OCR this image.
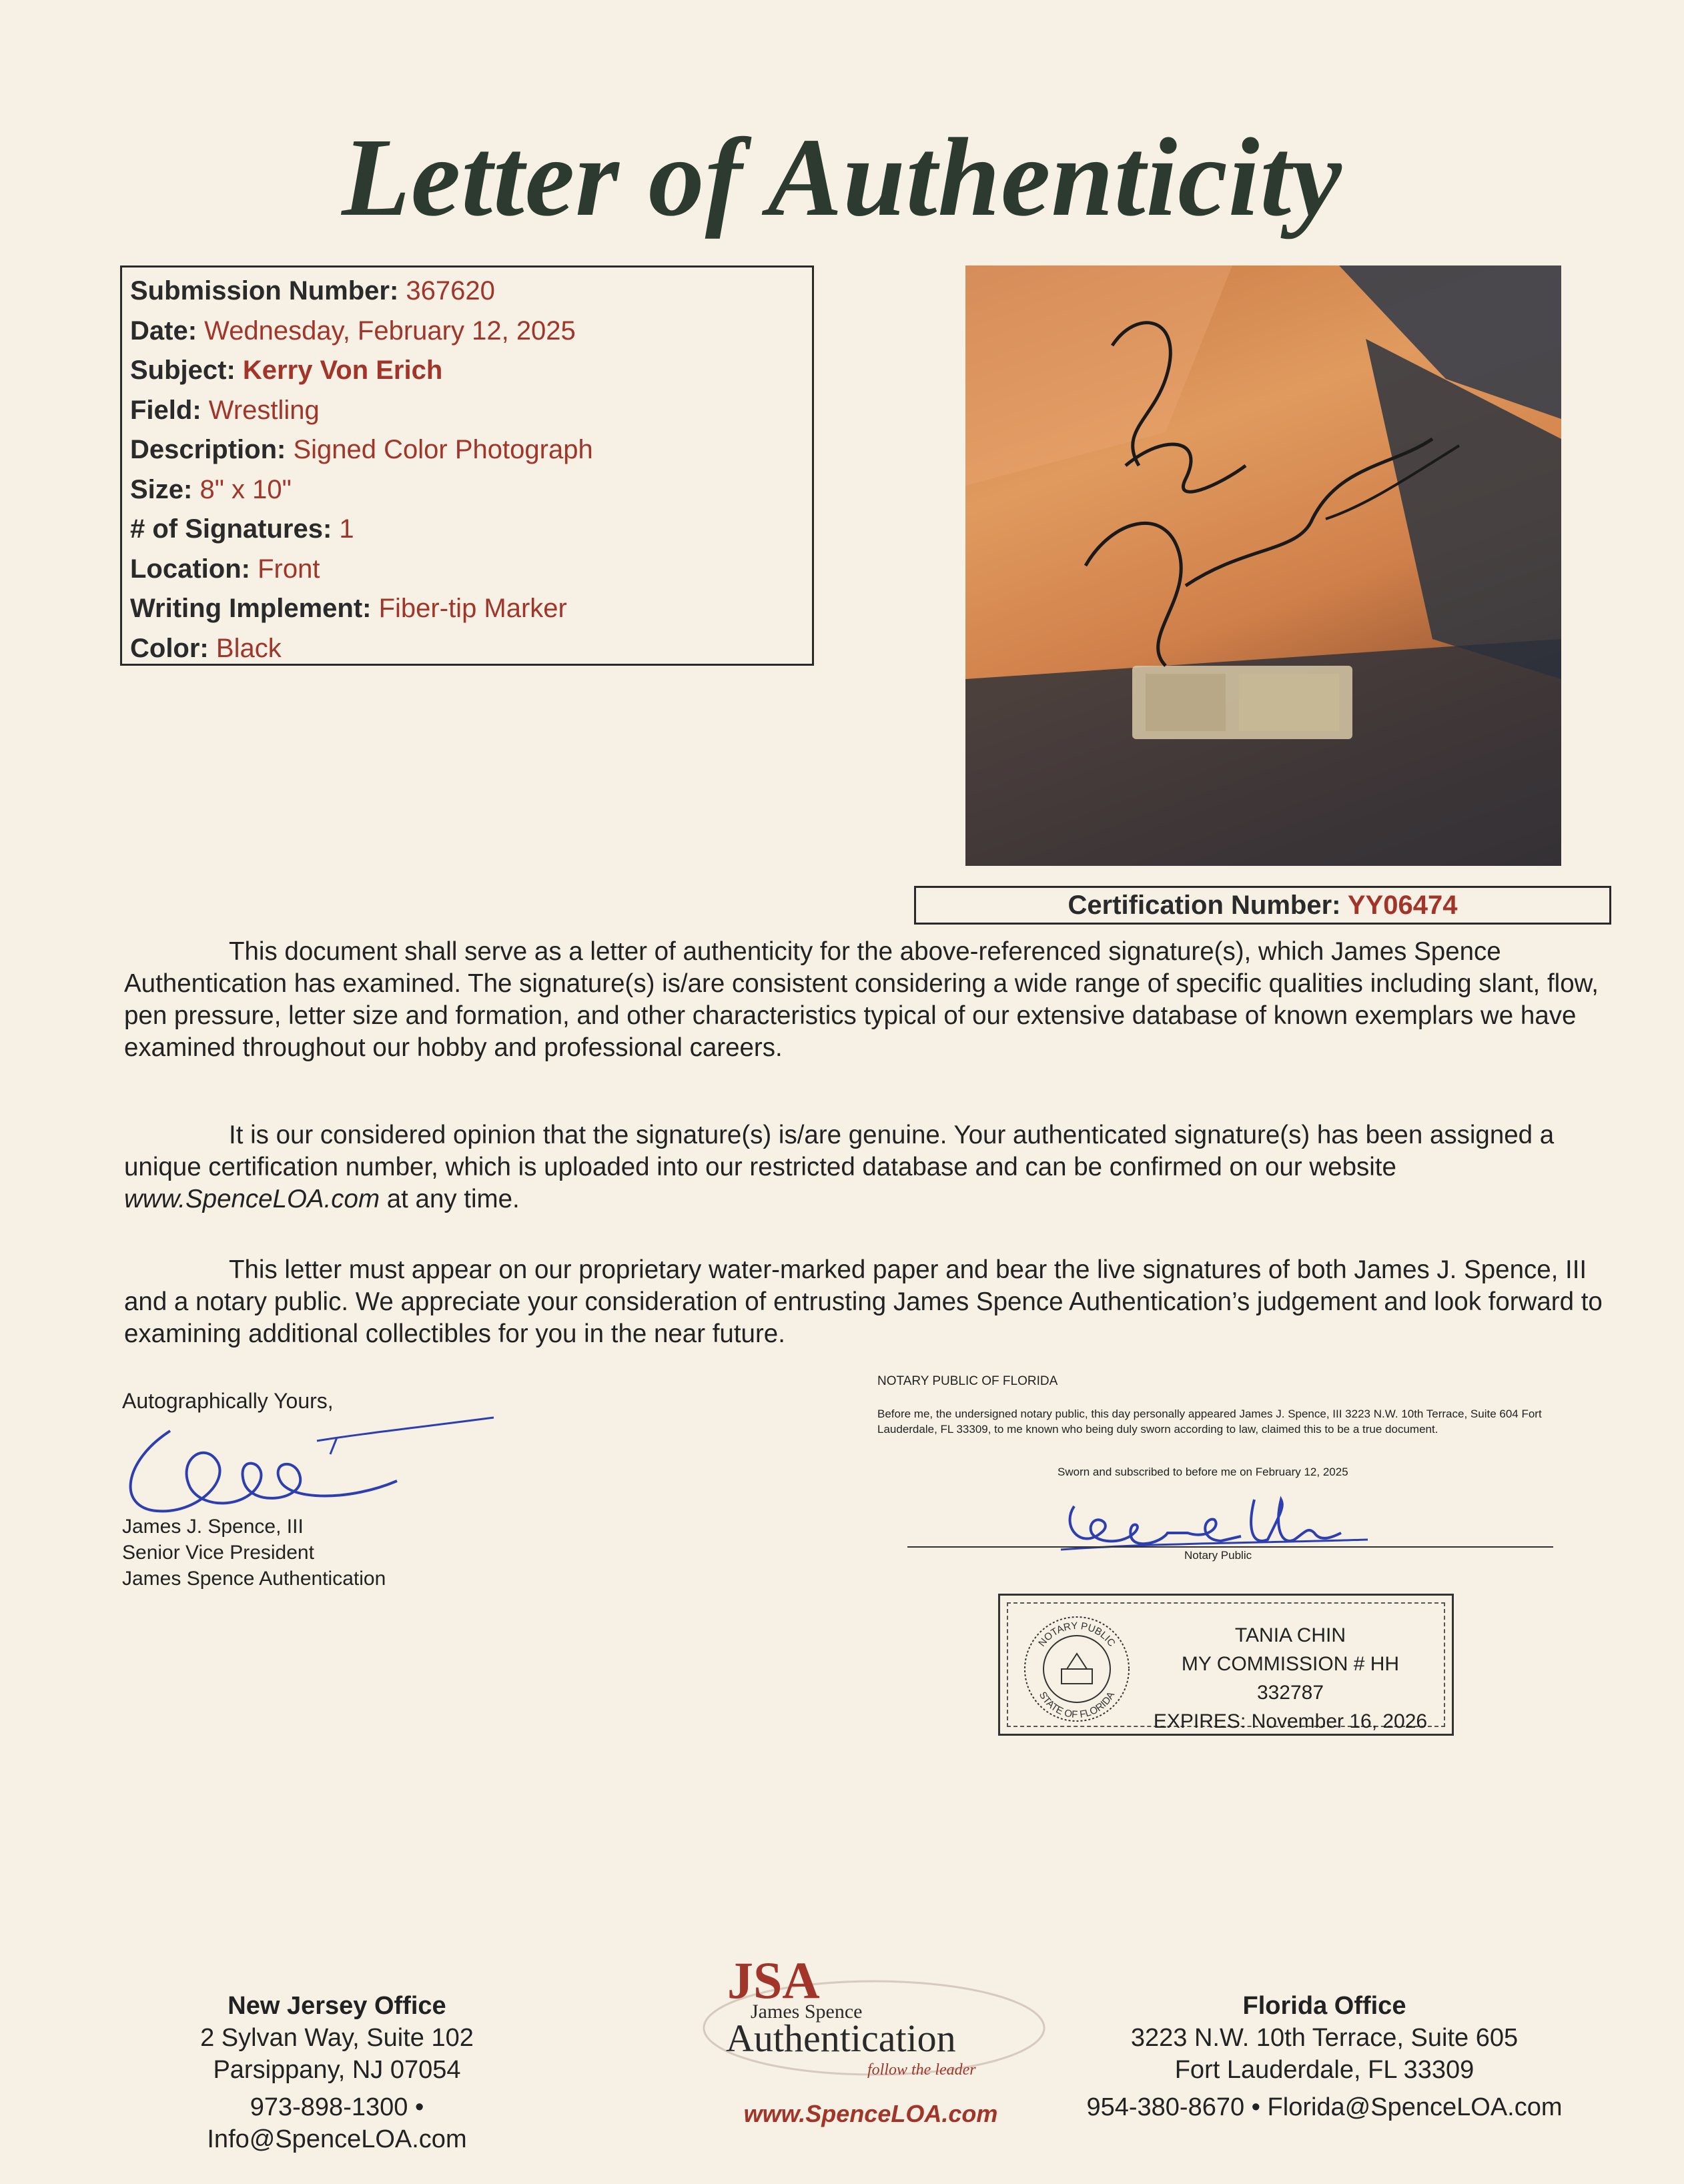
Letter of Authenticity
Submission Number: 367620
Date: Wednesday, February 12, 2025
Subject: Kerry Von Erich
Field: Wrestling
Description: Signed Color Photograph
Size: 8" x 10"
# of Signatures: 1
Location: Front
Writing Implement: Fiber-tip Marker
Color: Black
Certification Number: YY06474
This document shall serve as a letter of authenticity for the above-referenced signature(s), which James Spence Authentication has examined. The signature(s) is/are consistent considering a wide range of specific qualities including slant, flow, pen pressure, letter size and formation, and other characteristics typical of our extensive database of known exemplars we have examined throughout our hobby and professional careers.
It is our considered opinion that the signature(s) is/are genuine. Your authenticated signature(s) has been assigned a unique certification number, which is uploaded into our restricted database and can be confirmed on our website www.SpenceLOA.com at any time.
This letter must appear on our proprietary water-marked paper and bear the live signatures of both James J. Spence, III and a notary public. We appreciate your consideration of entrusting James Spence Authentication’s judgement and look forward to examining additional collectibles for you in the near future.
Autographically Yours,
James J. Spence, III
Senior Vice President
James Spence Authentication
NOTARY PUBLIC OF FLORIDA
Before me, the undersigned notary public, this day personally appeared James J. Spence, III 3223 N.W. 10th Terrace, Suite 604 Fort Lauderdale, FL 33309, to me known who being duly sworn according to law, claimed this to be a true document.
Sworn and subscribed to before me on February 12, 2025
Notary Public
NOTARY PUBLIC
STATE OF FLORIDA
TANIA CHIN
MY COMMISSION # HH 332787
EXPIRES: November 16, 2026
New Jersey Office
2 Sylvan Way, Suite 102
Parsippany, NJ 07054
973-898-1300 • Info@SpenceLOA.com
Florida Office
3223 N.W. 10th Terrace, Suite 605
Fort Lauderdale, FL 33309
954-380-8670 • Florida@SpenceLOA.com
JSA
James Spence
Authentication
follow the leader
www.SpenceLOA.com
